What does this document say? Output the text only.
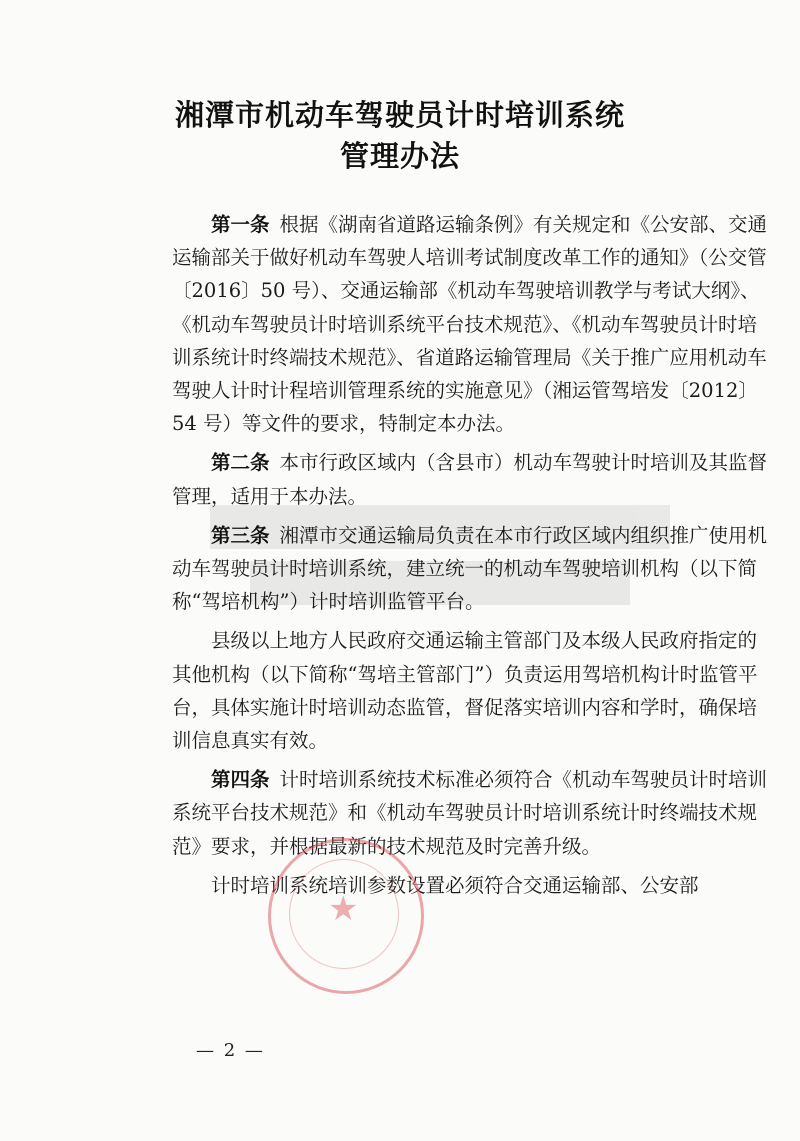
湘潭市机动车驾驶员计时培训系统
管理办法

第一条 根据《湖南省道路运输条例》有关规定和《公安部、交通运输部关于做好机动车驾驶人培训考试制度改革工作的通知》（公交管〔2016〕50 号）、交通运输部《机动车驾驶培训教学与考试大纲》、《机动车驾驶员计时培训系统平台技术规范》、《机动车驾驶员计时培训系统计时终端技术规范》、省道路运输管理局《关于推广应用机动车驾驶人计时计程培训管理系统的实施意见》（湘运管驾培发〔2012〕54 号）等文件的要求，特制定本办法。

第二条 本市行政区域内（含县市）机动车驾驶计时培训及其监督管理，适用于本办法。

第三条 湘潭市交通运输局负责在本市行政区域内组织推广使用机动车驾驶员计时培训系统，建立统一的机动车驾驶培训机构（以下简称“驾培机构”）计时培训监管平台。

县级以上地方人民政府交通运输主管部门及本级人民政府指定的其他机构（以下简称“驾培主管部门”）负责运用驾培机构计时监管平台，具体实施计时培训动态监管，督促落实培训内容和学时，确保培训信息真实有效。

第四条 计时培训系统技术标准必须符合《机动车驾驶员计时培训系统平台技术规范》和《机动车驾驶员计时培训系统计时终端技术规范》要求，并根据最新的技术规范及时完善升级。

计时培训系统培训参数设置必须符合交通运输部、公安部

★
— 2 —
